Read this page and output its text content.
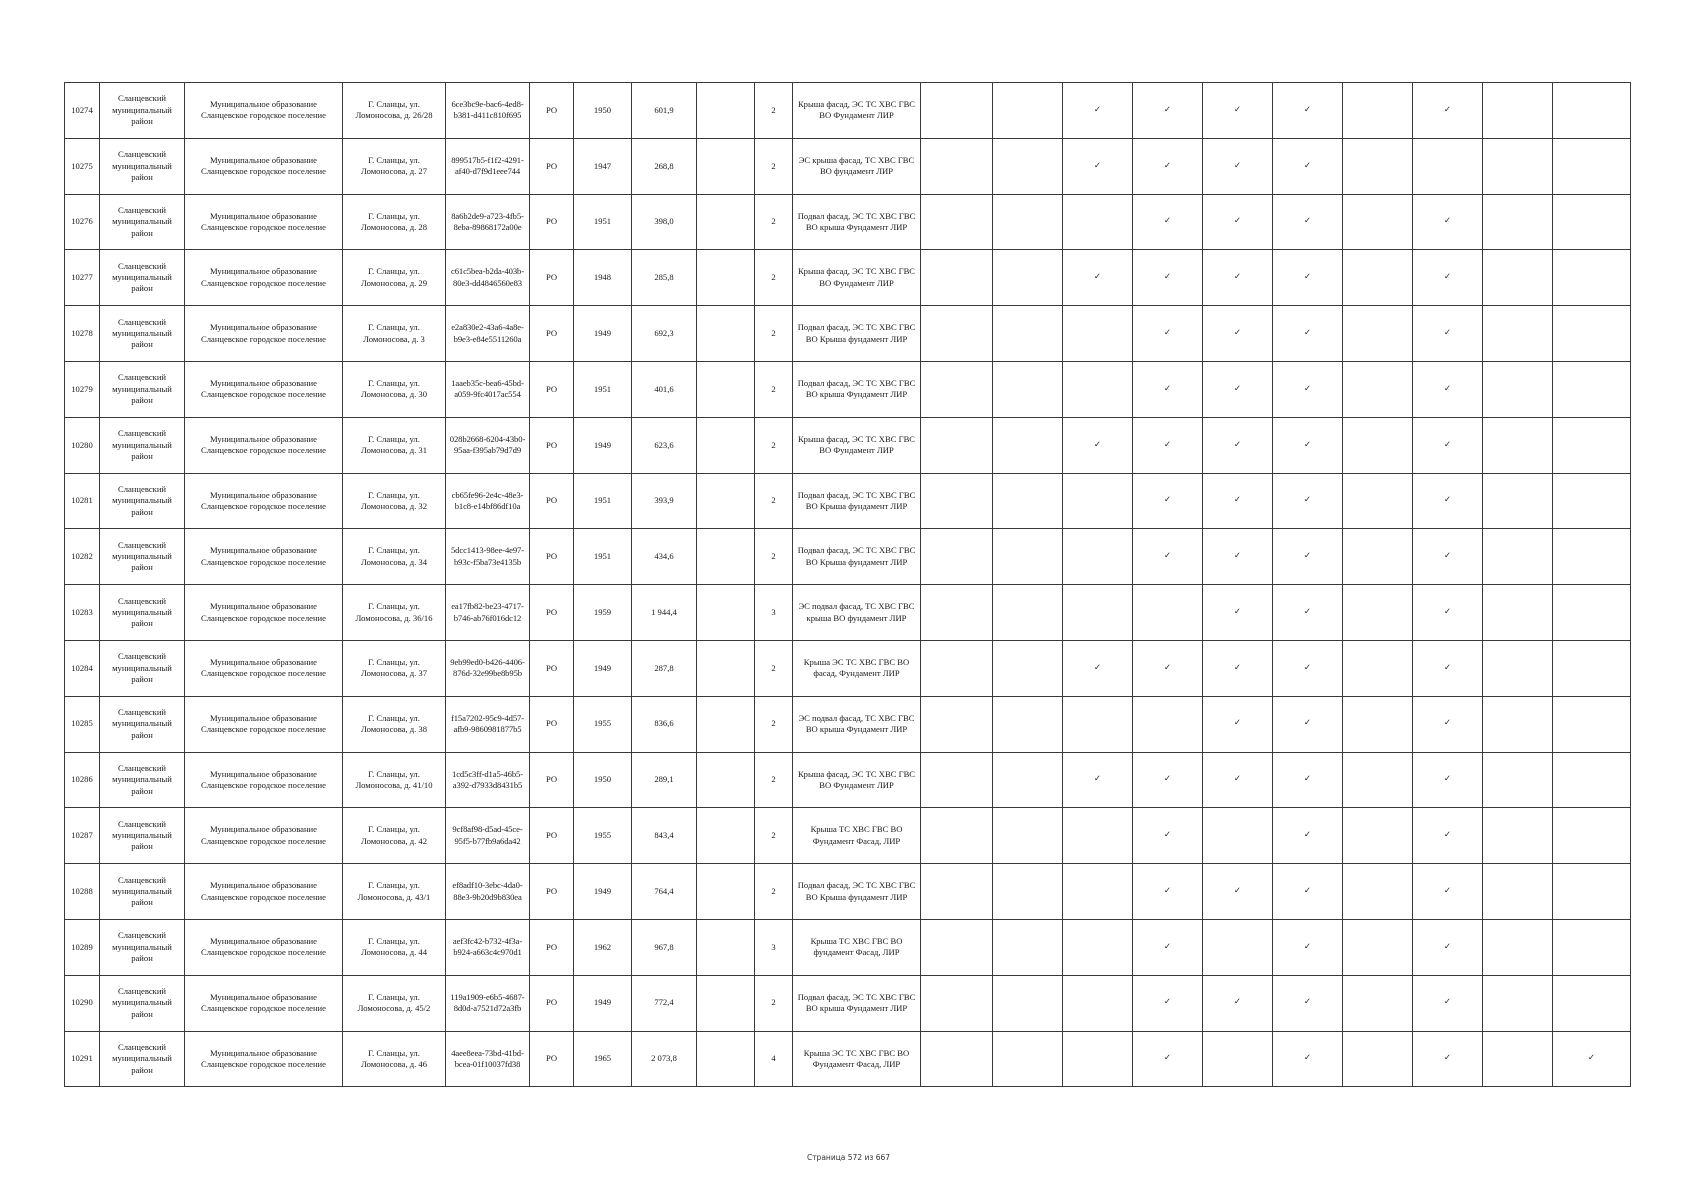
10274	Сланцевский муниципальный район	Муниципальное образование Сланцевское городское поселение	Г. Сланцы, ул. Ломоносова, д. 26/28	6ce3bc9e-bac6-4ed8-b381-d411c810f695	РО	1950	601,9		2	Крыша фасад, ЭС ТС ХВС ГВС ВО Фундамент ЛИР			✓	✓	✓	✓		✓		
10275	Сланцевский муниципальный район	Муниципальное образование Сланцевское городское поселение	Г. Сланцы, ул. Ломоносова, д. 27	899517b5-f1f2-4291-af40-d7f9d1eee744	РО	1947	268,8		2	ЭС крыша фасад, ТС ХВС ГВС ВО фундамент ЛИР			✓	✓	✓	✓				
10276	Сланцевский муниципальный район	Муниципальное образование Сланцевское городское поселение	Г. Сланцы, ул. Ломоносова, д. 28	8a6b2de9-a723-4fb5-8eba-89868172a00e	РО	1951	398,0		2	Подвал фасад, ЭС ТС ХВС ГВС ВО крыша Фундамент ЛИР				✓	✓	✓		✓		
10277	Сланцевский муниципальный район	Муниципальное образование Сланцевское городское поселение	Г. Сланцы, ул. Ломоносова, д. 29	c61c5bea-b2da-403b-80e3-dd4846560e83	РО	1948	285,8		2	Крыша фасад, ЭС ТС ХВС ГВС ВО Фундамент ЛИР			✓	✓	✓	✓		✓		
10278	Сланцевский муниципальный район	Муниципальное образование Сланцевское городское поселение	Г. Сланцы, ул. Ломоносова, д. 3	e2a830e2-43a6-4a8e-b9e3-e84e5511260a	РО	1949	692,3		2	Подвал фасад, ЭС ТС ХВС ГВС ВО Крыша фундамент ЛИР				✓	✓	✓		✓		
10279	Сланцевский муниципальный район	Муниципальное образование Сланцевское городское поселение	Г. Сланцы, ул. Ломоносова, д. 30	1aaeb35c-bea6-45bd-a059-9fc4017ac554	РО	1951	401,6		2	Подвал фасад, ЭС ТС ХВС ГВС ВО крыша Фундамент ЛИР				✓	✓	✓		✓		
10280	Сланцевский муниципальный район	Муниципальное образование Сланцевское городское поселение	Г. Сланцы, ул. Ломоносова, д. 31	028b2668-6204-43b0-95aa-f395ab79d7d9	РО	1949	623,6		2	Крыша фасад, ЭС ТС ХВС ГВС ВО Фундамент ЛИР			✓	✓	✓	✓		✓		
10281	Сланцевский муниципальный район	Муниципальное образование Сланцевское городское поселение	Г. Сланцы, ул. Ломоносова, д. 32	cb65fe96-2e4c-48e3-b1c8-e14bf86df10a	РО	1951	393,9		2	Подвал фасад, ЭС ТС ХВС ГВС ВО Крыша фундамент ЛИР				✓	✓	✓		✓		
10282	Сланцевский муниципальный район	Муниципальное образование Сланцевское городское поселение	Г. Сланцы, ул. Ломоносова, д. 34	5dcc1413-98ee-4e97-b93c-f5ba73e4135b	РО	1951	434,6		2	Подвал фасад, ЭС ТС ХВС ГВС ВО Крыша фундамент ЛИР				✓	✓	✓		✓		
10283	Сланцевский муниципальный район	Муниципальное образование Сланцевское городское поселение	Г. Сланцы, ул. Ломоносова, д. 36/16	ea17fb82-be23-4717-b746-ab76f016dc12	РО	1959	1 944,4		3	ЭС подвал фасад, ТС ХВС ГВС крыша ВО фундамент ЛИР					✓	✓		✓		
10284	Сланцевский муниципальный район	Муниципальное образование Сланцевское городское поселение	Г. Сланцы, ул. Ломоносова, д. 37	9eb99ed0-b426-4406-876d-32e99be8b95b	РО	1949	287,8		2	Крыша ЭС ТС ХВС ГВС ВО фасад, Фундамент ЛИР			✓	✓	✓	✓		✓		
10285	Сланцевский муниципальный район	Муниципальное образование Сланцевское городское поселение	Г. Сланцы, ул. Ломоносова, д. 38	f15a7202-95c9-4d57-afb9-9860981877b5	РО	1955	836,6		2	ЭС подвал фасад, ТС ХВС ГВС ВО крыша Фундамент ЛИР					✓	✓		✓		
10286	Сланцевский муниципальный район	Муниципальное образование Сланцевское городское поселение	Г. Сланцы, ул. Ломоносова, д. 41/10	1cd5c3ff-d1a5-46b5-a392-d7933d8431b5	РО	1950	289,1		2	Крыша фасад, ЭС ТС ХВС ГВС ВО Фундамент ЛИР			✓	✓	✓	✓		✓		
10287	Сланцевский муниципальный район	Муниципальное образование Сланцевское городское поселение	Г. Сланцы, ул. Ломоносова, д. 42	9cf8af98-d5ad-45ce-95f5-b77fb9a6da42	РО	1955	843,4		2	Крыша ТС ХВС ГВС ВО Фундамент Фасад, ЛИР				✓		✓		✓		
10288	Сланцевский муниципальный район	Муниципальное образование Сланцевское городское поселение	Г. Сланцы, ул. Ломоносова, д. 43/1	ef8adf10-3ebc-4da0-88e3-9b20d9b830ea	РО	1949	764,4		2	Подвал фасад, ЭС ТС ХВС ГВС ВО Крыша фундамент ЛИР				✓	✓	✓		✓		
10289	Сланцевский муниципальный район	Муниципальное образование Сланцевское городское поселение	Г. Сланцы, ул. Ломоносова, д. 44	aef3fc42-b732-4f3a-b924-a663c4c970d1	РО	1962	967,8		3	Крыша ТС ХВС ГВС ВО фундамент Фасад, ЛИР				✓		✓		✓		
10290	Сланцевский муниципальный район	Муниципальное образование Сланцевское городское поселение	Г. Сланцы, ул. Ломоносова, д. 45/2	119a1909-e6b5-4687-8d0d-a7521d72a3fb	РО	1949	772,4		2	Подвал фасад, ЭС ТС ХВС ГВС ВО крыша Фундамент ЛИР				✓	✓	✓		✓		
10291	Сланцевский муниципальный район	Муниципальное образование Сланцевское городское поселение	Г. Сланцы, ул. Ломоносова, д. 46	4aee8eea-73bd-41bd-bcea-01f10037fd38	РО	1965	2 073,8		4	Крыша ЭС ТС ХВС ГВС ВО Фундамент Фасад, ЛИР				✓		✓		✓		✓
Страница 572 из 667
